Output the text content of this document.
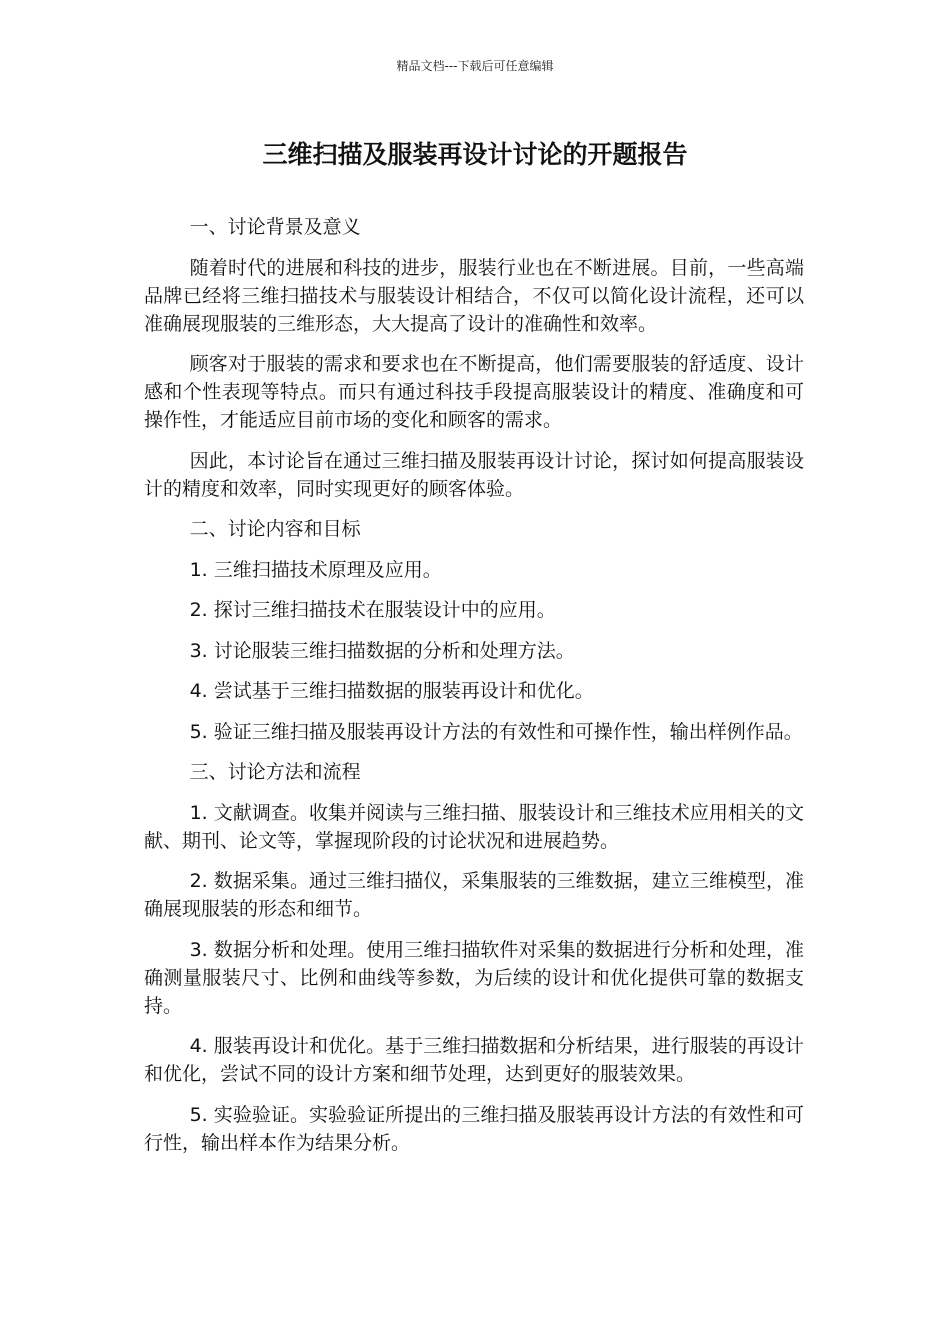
精品文档---下载后可任意编辑
三维扫描及服装再设计讨论的开题报告

一、讨论背景及意义

随着时代的进展和科技的进步，服装行业也在不断进展。目前，一些高端品牌已经将三维扫描技术与服装设计相结合，不仅可以简化设计流程，还可以准确展现服装的三维形态，大大提高了设计的准确性和效率。

顾客对于服装的需求和要求也在不断提高，他们需要服装的舒适度、设计感和个性表现等特点。而只有通过科技手段提高服装设计的精度、准确度和可操作性，才能适应目前市场的变化和顾客的需求。

因此，本讨论旨在通过三维扫描及服装再设计讨论，探讨如何提高服装设计的精度和效率，同时实现更好的顾客体验。

二、讨论内容和目标

1. 三维扫描技术原理及应用。

2. 探讨三维扫描技术在服装设计中的应用。

3. 讨论服装三维扫描数据的分析和处理方法。

4. 尝试基于三维扫描数据的服装再设计和优化。

5. 验证三维扫描及服装再设计方法的有效性和可操作性，输出样例作品。

三、讨论方法和流程

1. 文献调查。收集并阅读与三维扫描、服装设计和三维技术应用相关的文献、期刊、论文等，掌握现阶段的讨论状况和进展趋势。

2. 数据采集。通过三维扫描仪，采集服装的三维数据，建立三维模型，准确展现服装的形态和细节。

3. 数据分析和处理。使用三维扫描软件对采集的数据进行分析和处理，准确测量服装尺寸、比例和曲线等参数，为后续的设计和优化提供可靠的数据支持。

4. 服装再设计和优化。基于三维扫描数据和分析结果，进行服装的再设计和优化，尝试不同的设计方案和细节处理，达到更好的服装效果。

5. 实验验证。实验验证所提出的三维扫描及服装再设计方法的有效性和可行性，输出样本作为结果分析。
